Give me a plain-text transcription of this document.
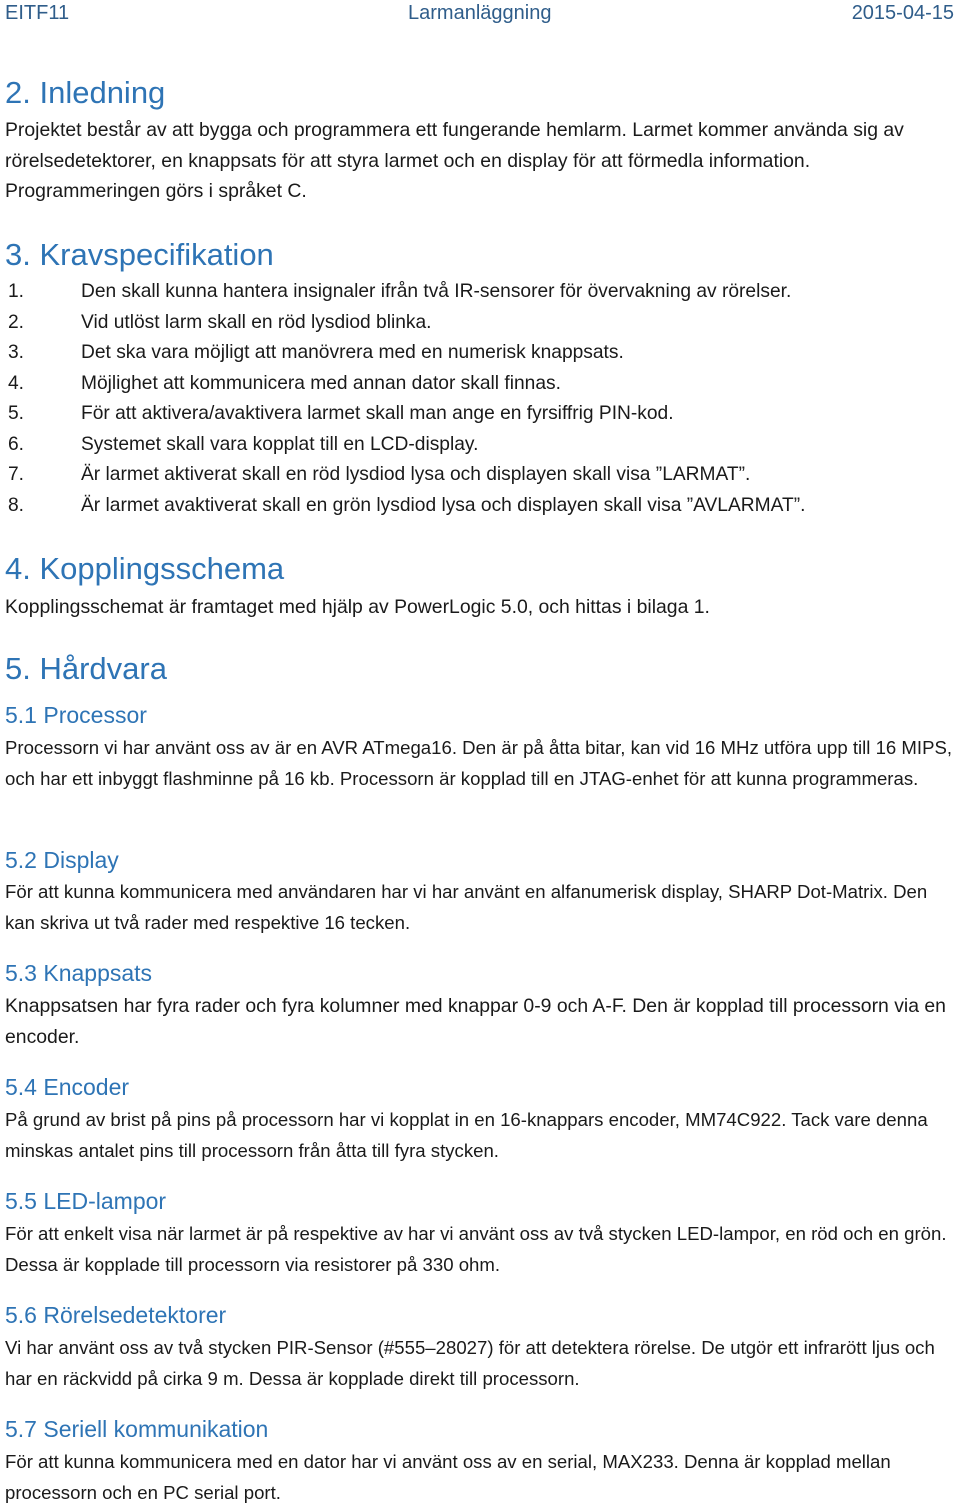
EITF11	Larmanläggning	2015-04-15
2. Inledning

Projektet består av att bygga och programmera ett fungerande hemlarm. Larmet kommer använda sig av rörelsedetektorer, en knappsats för att styra larmet och en display för att förmedla information. Programmeringen görs i språket C.

3. Kravspecifikation
1.	Den skall kunna hantera insignaler ifrån två IR-sensorer för övervakning av rörelser.
2.	Vid utlöst larm skall en röd lysdiod blinka.
3.	Det ska vara möjligt att manövrera med en numerisk knappsats.
4.	Möjlighet att kommunicera med annan dator skall finnas.
5.	För att aktivera/avaktivera larmet skall man ange en fyrsiffrig PIN-kod.
6.	Systemet skall vara kopplat till en LCD-display.
7.	Är larmet aktiverat skall en röd lysdiod lysa och displayen skall visa ”LARMAT”.
8.	Är larmet avaktiverat skall en grön lysdiod lysa och displayen skall visa ”AVLARMAT”.
4. Kopplingsschema

Kopplingsschemat är framtaget med hjälp av PowerLogic 5.0, och hittas i bilaga 1.

5. Hårdvara
5.1 Processor

Processorn vi har använt oss av är en AVR ATmega16. Den är på åtta bitar, kan vid 16 MHz utföra upp till 16 MIPS, och har ett inbyggt flashminne på 16 kb. Processorn är kopplad till en JTAG-enhet för att kunna programmeras.

5.2 Display

För att kunna kommunicera med användaren har vi har använt en alfanumerisk display, SHARP Dot-Matrix. Den kan skriva ut två rader med respektive 16 tecken.

5.3 Knappsats

Knappsatsen har fyra rader och fyra kolumner med knappar 0-9 och A-F. Den är kopplad till processorn via en encoder.

5.4 Encoder

På grund av brist på pins på processorn har vi kopplat in en 16-knappars encoder, MM74C922. Tack vare denna minskas antalet pins till processorn från åtta till fyra stycken.

5.5 LED-lampor

För att enkelt visa när larmet är på respektive av har vi använt oss av två stycken LED-lampor, en röd och en grön. Dessa är kopplade till processorn via resistorer på 330 ohm.

5.6 Rörelsedetektorer

Vi har använt oss av två stycken PIR-Sensor (#555–28027) för att detektera rörelse. De utgör ett infrarött ljus och har en räckvidd på cirka 9 m. Dessa är kopplade direkt till processorn.

5.7 Seriell kommunikation

För att kunna kommunicera med en dator har vi använt oss av en serial, MAX233. Denna är kopplad mellan processorn och en PC serial port.
